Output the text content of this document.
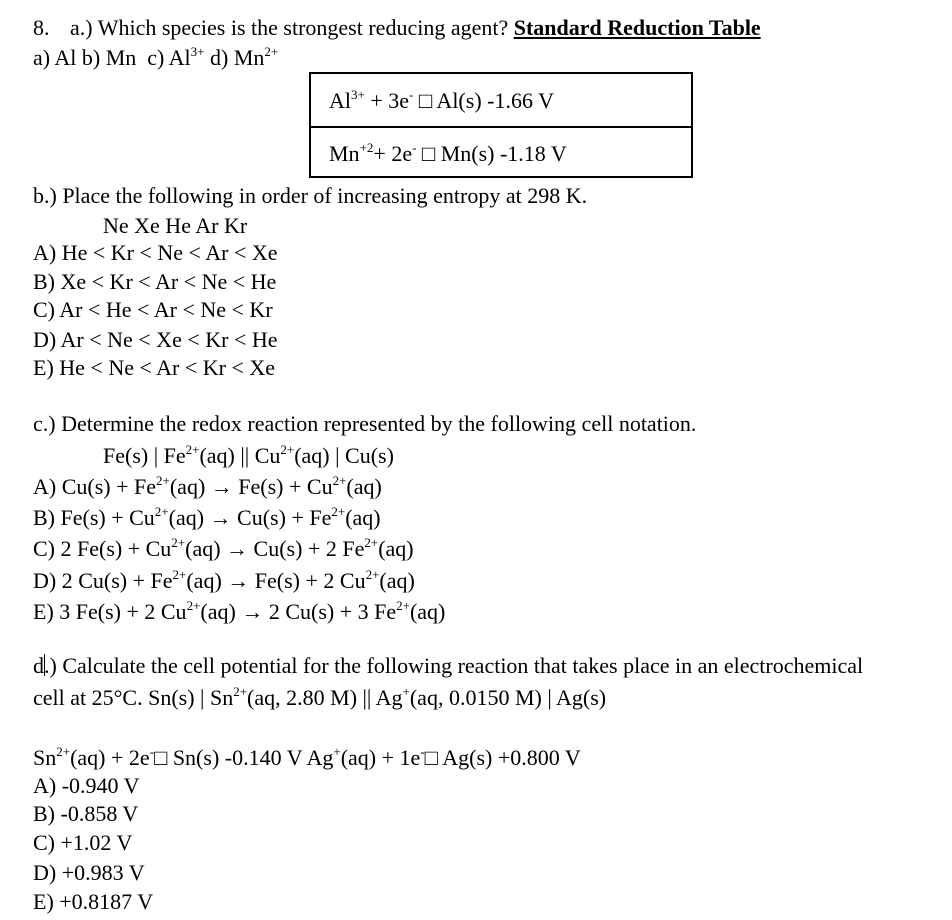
8. a.) Which species is the strongest reducing agent? Standard Reduction Table
a) Al b) Mn  c) $Al^{3+}$ d) $Mn^{2+}$
b.) Place the following in order of increasing entropy at 298 K.
Ne Xe He Ar Kr
A) He < Kr < Ne < Ar < Xe
B) Xe < Kr < Ar < Ne < He
C) Ar < He < Ar < Ne < Kr
D) Ar < Ne < Xe < Kr < He
E) He < Ne < Ar < Kr < Xe
c.) Determine the redox reaction represented by the following cell notation.
Fe(s) | $Fe^{2+}(aq)$ || $Cu^{2+}(aq)$ | Cu(s)
A) $Cu(s) + Fe^{2+}(aq) \to Fe(s) + Cu^{2+}(aq)$
B) $Fe(s) + Cu^{2+}(aq) \to Cu(s) + Fe^{2+}(aq)$
C) 2 $Fe(s) + Cu^{2+}(aq) \to Cu(s) + 2$ $Fe^{2+}(aq)$
D) 2 $Cu(s) + Fe^{2+}(aq) \to Fe(s) + 2$ $Cu^{2+}(aq)$
E) 3 Fe(s) + 2 $Cu^{2+}(aq) \to 2$ Cu(s) + 3 $Fe^{2+}(aq)$
d.) Calculate the cell potential for the following reaction that takes place in an electrochemical
cell at 25°C. Sn(s) | $Sn^{2+}(aq$, 2.80 M) || Ag+(aq, 0.0150 M) | Ag(s)
$Sn^{2+}(aq)$ + 2e-□ Sn(s) -0.140 V Ag+(aq) + 1e-□ Ag(s) +0.800 V
A) -0.940 V
B) -0.858 V
C) +1.02 V
D) +0.983 V
E) +0.8187 V
$Al^{3+} + 3e^-$ □ Al(s) -1.66 V
$Mn^{+2}+ 2e^-$ □ Mn(s) -1.18 V
